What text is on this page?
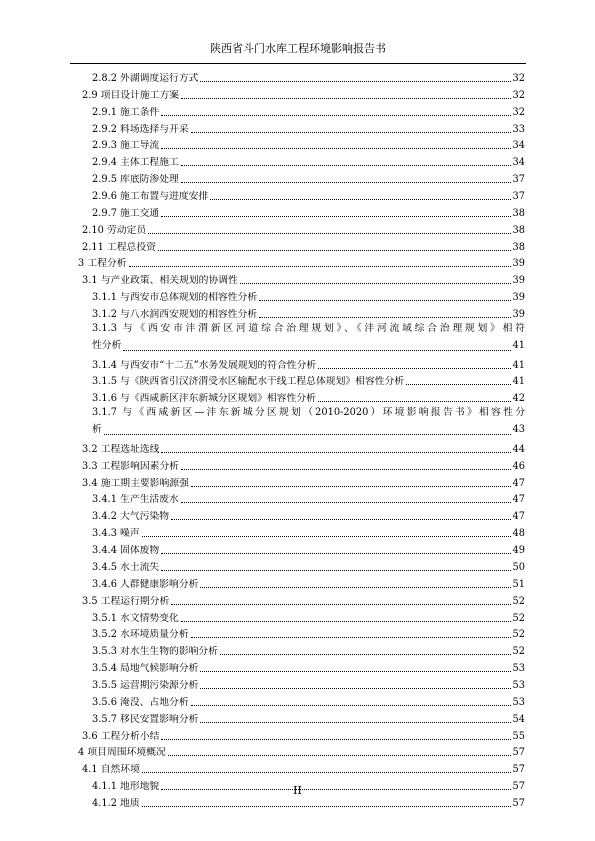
陕西省斗门水库工程环境影响报告书
2.8.2 外湖调度运行方式	32
2.9 项目设计施工方案	32
2.9.1 施工条件	32
2.9.2 料场选择与开采	33
2.9.3 施工导流	34
2.9.4 主体工程施工	34
2.9.5 库底防渗处理	37
2.9.6 施工布置与进度安排	37
2.9.7 施工交通	38
2.10 劳动定员	38
2.11 工程总投资	38
3 工程分析	39
3.1 与产业政策、相关规划的协调性	39
3.1.1 与西安市总体规划的相容性分析	39
3.1.2 与八水润西安规划的相容性分析	39
3.1.3 与《西安市沣渭新区河道综合治理规划》、《沣河流域综合治理规划》相符
性分析	41
3.1.4 与西安市“十二五”水务发展规划的符合性分析	41
3.1.5 与《陕西省引汉济渭受水区输配水干线工程总体规划》相容性分析	41
3.1.6 与《西咸新区沣东新城分区规划》相容性分析	42
3.1.7 与《西咸新区—沣东新城分区规划（2010-2020）环境影响报告书》相容性分
析	43
3.2 工程选址选线	44
3.3 工程影响因素分析	46
3.4 施工期主要影响源强	47
3.4.1 生产生活废水	47
3.4.2 大气污染物	47
3.4.3 噪声	48
3.4.4 固体废物	49
3.4.5 水土流失	50
3.4.6 人群健康影响分析	51
3.5 工程运行期分析	52
3.5.1 水文情势变化	52
3.5.2 水环境质量分析	52
3.5.3 对水生生物的影响分析	52
3.5.4 局地气候影响分析	53
3.5.5 运营期污染源分析	53
3.5.6 淹没、占地分析	53
3.5.7 移民安置影响分析	54
3.6 工程分析小结	55
4 项目周围环境概况	57
4.1 自然环境	57
4.1.1 地形地貌	57
4.1.2 地质	57
II
